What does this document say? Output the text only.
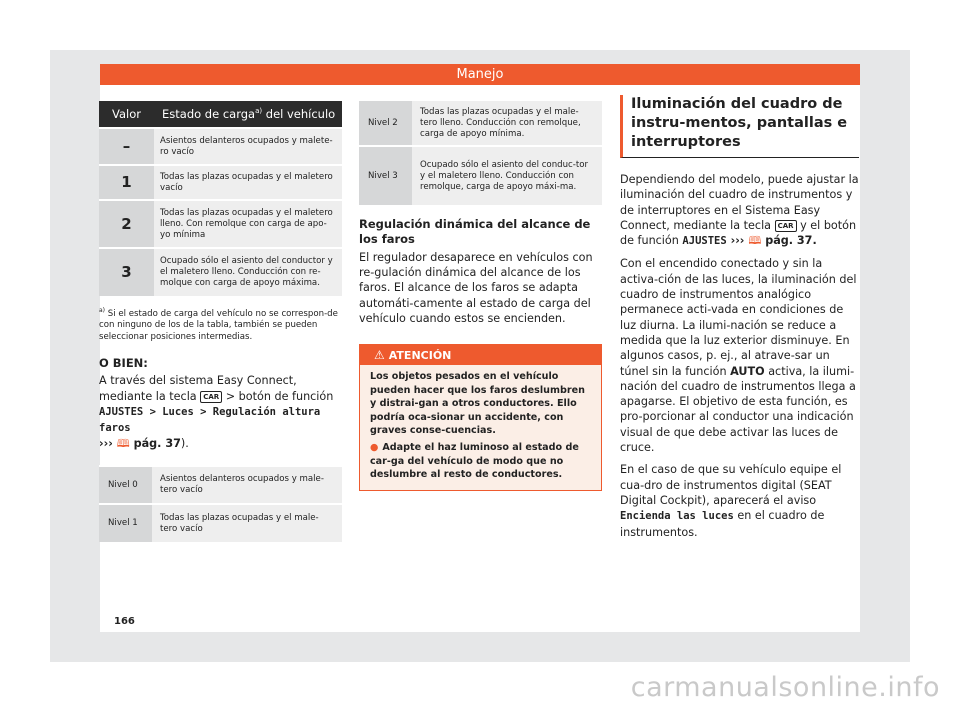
Manejo
Valor	Estado de carga$^{a)}$ del vehículo
–	Asientos delanteros ocupados y malete-ro vacío
1	Todas las plazas ocupadas y el maletero vacío
2	Todas las plazas ocupadas y el maletero lleno. Con remolque con carga de apo-yo mínima
3	Ocupado sólo el asiento del conductor y el maletero lleno. Conducción con re-molque con carga de apoyo máxima.
$^{a)}$ Si el estado de carga del vehículo no se correspon-de con ninguno de los de la tabla, también se pueden seleccionar posiciones intermedias.
O BIEN:
A través del sistema Easy Connect, mediante la tecla CAR > botón de función AJUSTES > Luces > Regulación altura faros
››› 🕮 pág. 37).
Nivel 0	Asientos delanteros ocupados y male-tero vacío
Nivel 1	Todas las plazas ocupadas y el male-tero vacío
Nivel 2	Todas las plazas ocupadas y el male-tero lleno. Conducción con remolque, carga de apoyo mínima.
Nivel 3	Ocupado sólo el asiento del conduc-tor y el maletero lleno. Conducción con remolque, carga de apoyo máxi-ma.
Regulación dinámica del alcance de los faros
El regulador desaparece en vehículos con re-gulación dinámica del alcance de los faros. El alcance de los faros se adapta automáti-camente al estado de carga del vehículo cuando estos se encienden.
⚠ ATENCIÓN
Los objetos pesados en el vehículo pueden hacer que los faros deslumbren y distrai-gan a otros conductores. Ello podría oca-sionar un accidente, con graves conse-cuencias.
● Adapte el haz luminoso al estado de car-ga del vehículo de modo que no deslumbre al resto de conductores.
Iluminación del cuadro de instru-mentos, pantallas e interruptores
Dependiendo del modelo, puede ajustar la iluminación del cuadro de instrumentos y de interruptores en el Sistema Easy Connect, mediante la tecla CAR y el botón de función AJUSTES ››› 🕮 pág. 37.
Con el encendido conectado y sin la activa-ción de las luces, la iluminación del cuadro de instrumentos analógico permanece acti-vada en condiciones de luz diurna. La ilumi-nación se reduce a medida que la luz exterior disminuye. En algunos casos, p. ej., al atrave-sar un túnel sin la función AUTO activa, la ilumi-nación del cuadro de instrumentos llega a apagarse. El objetivo de esta función, es pro-porcionar al conductor una indicación visual de que debe activar las luces de cruce.
En el caso de que su vehículo equipe el cua-dro de instrumentos digital (SEAT Digital Cockpit), aparecerá el aviso Encienda las luces en el cuadro de instrumentos.
166
carmanualsonline.info
